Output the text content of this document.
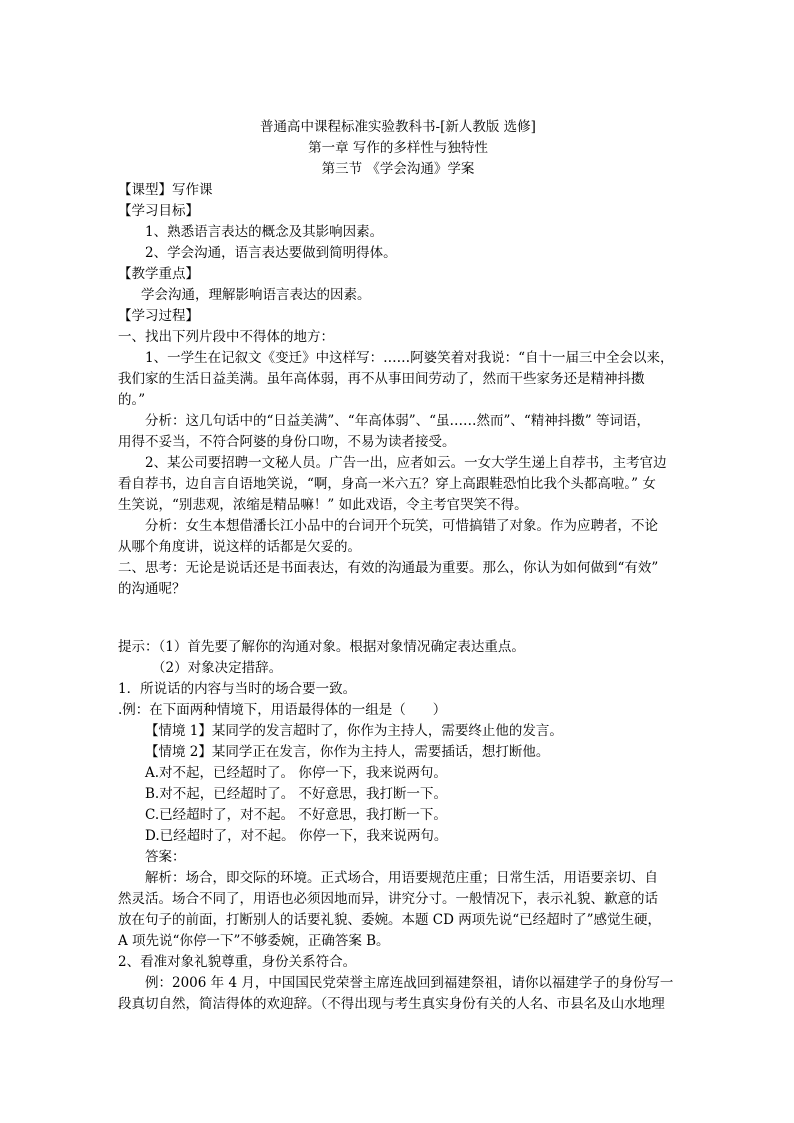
普通高中课程标准实验教科书-[新人教版 选修]
第一章 写作的多样性与独特性
第三节 《学会沟通》学案
【课型】写作课
【学习目标】
1、熟悉语言表达的概念及其影响因素。
2、学会沟通，语言表达要做到简明得体。
【教学重点】
学会沟通，理解影响语言表达的因素。
【学习过程】
一、找出下列片段中不得体的地方：
1、一学生在记叙文《变迁》中这样写：……阿婆笑着对我说：“自十一届三中全会以来，
我们家的生活日益美满。虽年高体弱，再不从事田间劳动了，然而干些家务还是精神抖擞
的。”
分析：这几句话中的“日益美满”、“年高体弱”、“虽……然而”、“精神抖擞” 等词语，
用得不妥当，不符合阿婆的身份口吻，不易为读者接受。
2、某公司要招聘一文秘人员。广告一出，应者如云。一女大学生递上自荐书，主考官边
看自荐书，边自言自语地笑说，“啊，身高一米六五？穿上高跟鞋恐怕比我个头都高啦。” 女
生笑说，“别悲观，浓缩是精品嘛！” 如此戏语，令主考官哭笑不得。
分析：女生本想借潘长江小品中的台词开个玩笑，可惜搞错了对象。作为应聘者，不论
从哪个角度讲，说这样的话都是欠妥的。
二、思考：无论是说话还是书面表达，有效的沟通最为重要。那么，你认为如何做到“有效”
的沟通呢？
提示：（1）首先要了解你的沟通对象。根据对象情况确定表达重点。
（2）对象决定措辞。
1．所说话的内容与当时的场合要一致。
.例：在下面两种情境下，用语最得体的一组是（　　）
【情境 1】某同学的发言超时了，你作为主持人，需要终止他的发言。
【情境 2】某同学正在发言，你作为主持人，需要插话，想打断他。
A.对不起，已经超时了。 你停一下，我来说两句。
B.对不起，已经超时了。 不好意思，我打断一下。
C.已经超时了，对不起。 不好意思，我打断一下。
D.已经超时了，对不起。 你停一下，我来说两句。
答案：
解析：场合，即交际的环境。正式场合，用语要规范庄重；日常生活，用语要亲切、自
然灵活。场合不同了，用语也必须因地而异，讲究分寸。一般情况下，表示礼貌、歉意的话
放在句子的前面，打断别人的话要礼貌、委婉。本题 CD 两项先说“已经超时了”感觉生硬，
A 项先说“你停一下”不够委婉，正确答案 B。
2、看准对象礼貌尊重，身份关系符合。
例：2006 年 4 月，中国国民党荣誉主席连战回到福建祭祖，请你以福建学子的身份写一
段真切自然，简洁得体的欢迎辞。（不得出现与考生真实身份有关的人名、市县名及山水地理
